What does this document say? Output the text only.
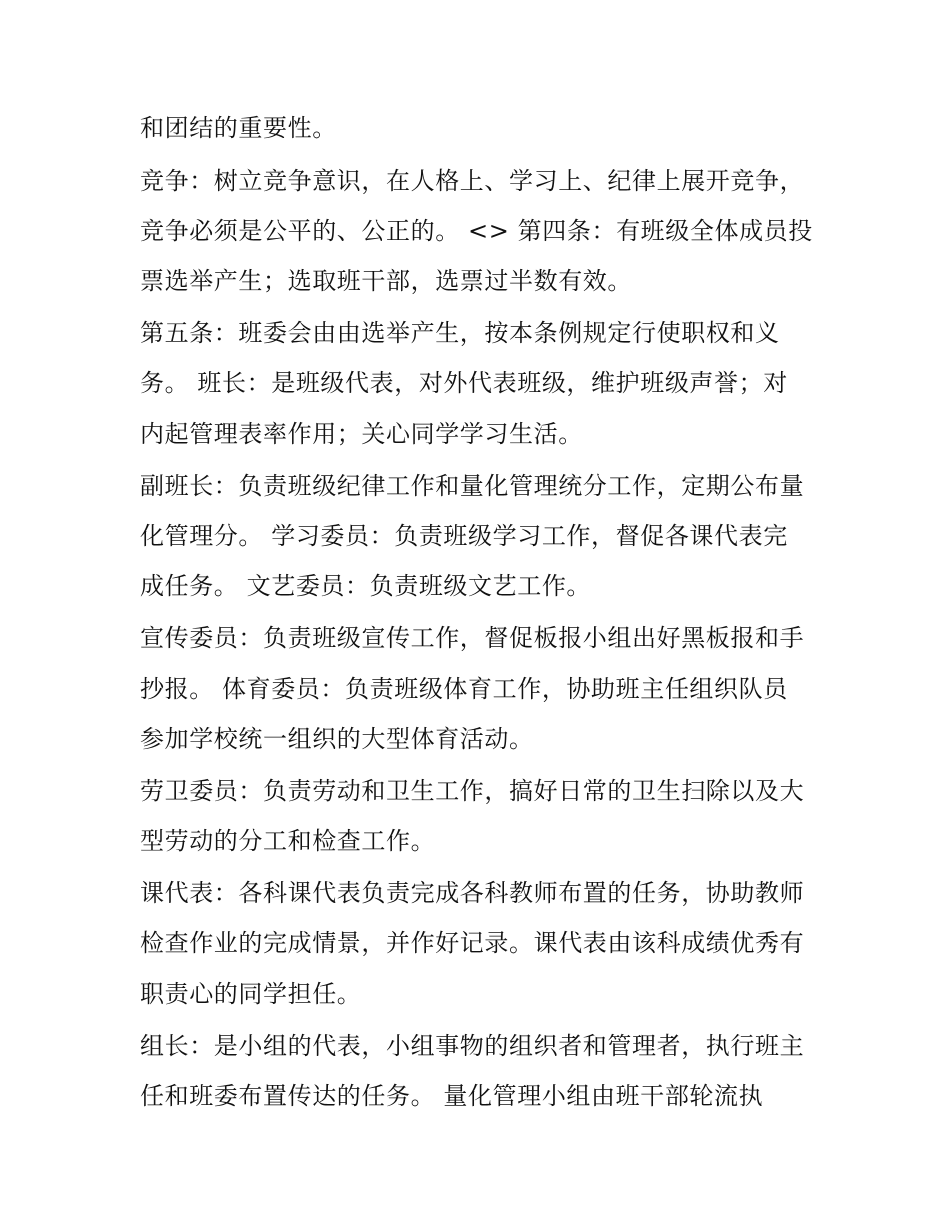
和团结的重要性。
竞争：树立竞争意识，在人格上、学习上、纪律上展开竞争，
竞争必须是公平的、公正的。 <> 第四条：有班级全体成员投
票选举产生；选取班干部，选票过半数有效。
第五条：班委会由由选举产生，按本条例规定行使职权和义
务。 班长：是班级代表，对外代表班级，维护班级声誉；对
内起管理表率作用；关心同学学习生活。
副班长：负责班级纪律工作和量化管理统分工作，定期公布量
化管理分。 学习委员：负责班级学习工作，督促各课代表完
成任务。 文艺委员：负责班级文艺工作。
宣传委员：负责班级宣传工作，督促板报小组出好黑板报和手
抄报。 体育委员：负责班级体育工作，协助班主任组织队员
参加学校统一组织的大型体育活动。
劳卫委员：负责劳动和卫生工作，搞好日常的卫生扫除以及大
型劳动的分工和检查工作。
课代表：各科课代表负责完成各科教师布置的任务，协助教师
检查作业的完成情景，并作好记录。课代表由该科成绩优秀有
职责心的同学担任。
组长：是小组的代表，小组事物的组织者和管理者，执行班主
任和班委布置传达的任务。 量化管理小组由班干部轮流执
